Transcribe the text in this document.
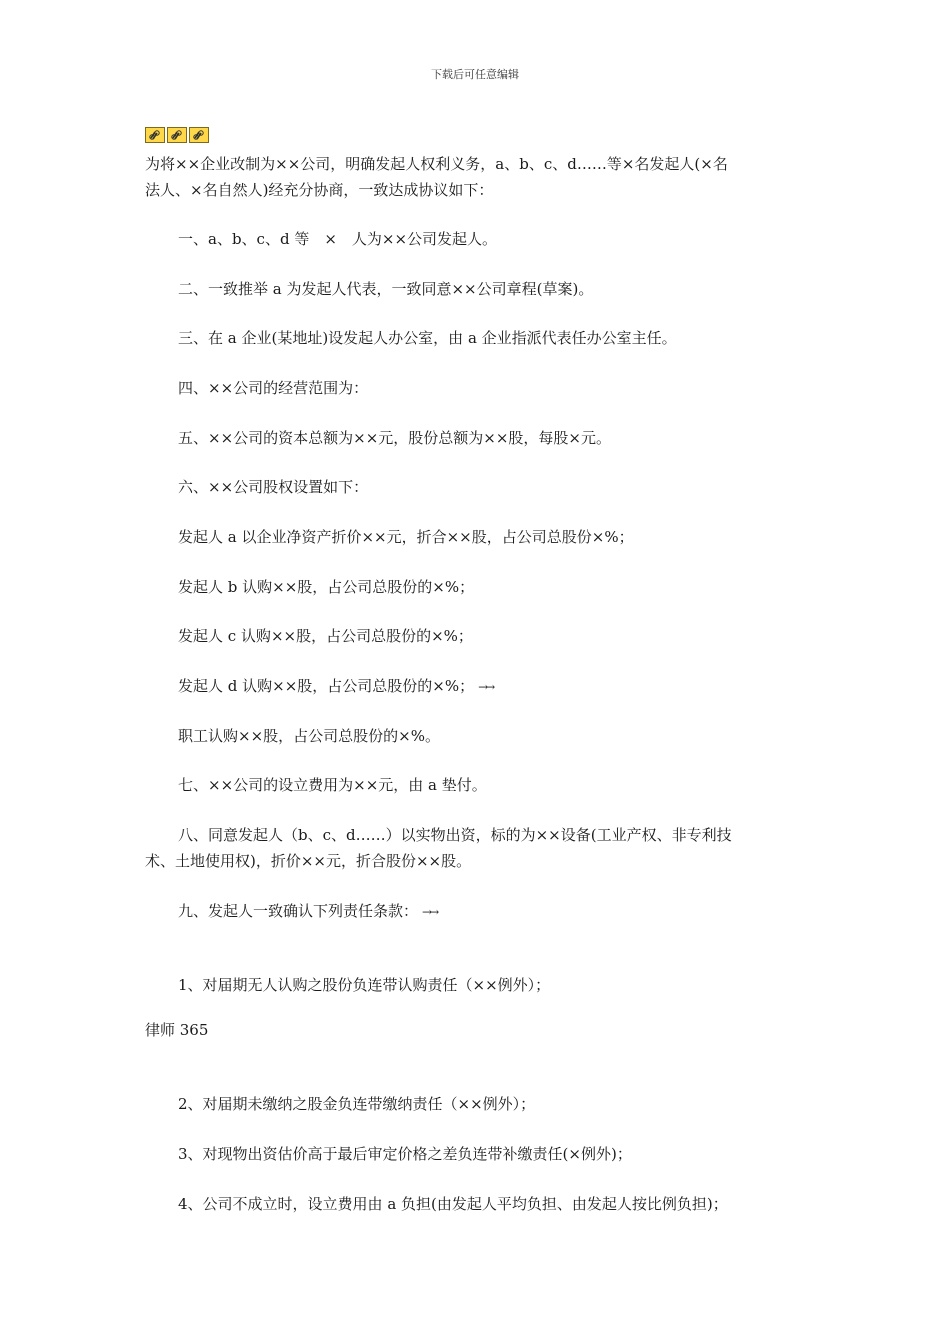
下载后可任意编辑
为将××企业改制为××公司，明确发起人权利义务，a、b、c、d……等×名发起人(×名
法人、×名自然人)经充分协商，一致达成协议如下：
一、a、b、c、d 等　×　人为××公司发起人。
二、一致推举 a 为发起人代表，一致同意××公司章程(草案)。
三、在 a 企业(某地址)设发起人办公室，由 a 企业指派代表任办公室主任。
四、××公司的经营范围为：
五、××公司的资本总额为××元，股份总额为××股，每股×元。
六、××公司股权设置如下：
发起人 a 以企业净资产折价××元，折合××股，占公司总股份×%；
发起人 b 认购××股，占公司总股份的×%；
发起人 c 认购××股，占公司总股份的×%；
发起人 d 认购××股，占公司总股份的×%； →→
职工认购××股，占公司总股份的×%。
七、××公司的设立费用为××元，由 a 垫付。
八、同意发起人（b、c、d……）以实物出资，标的为××设备(工业产权、非专利技
术、土地使用权)，折价××元，折合股份××股。
九、发起人一致确认下列责任条款： →→
1、对届期无人认购之股份负连带认购责任（××例外）；
律师 365
2、对届期未缴纳之股金负连带缴纳责任（××例外）；
3、对现物出资估价高于最后审定价格之差负连带补缴责任(×例外)；
4、公司不成立时，设立费用由 a 负担(由发起人平均负担、由发起人按比例负担)；
